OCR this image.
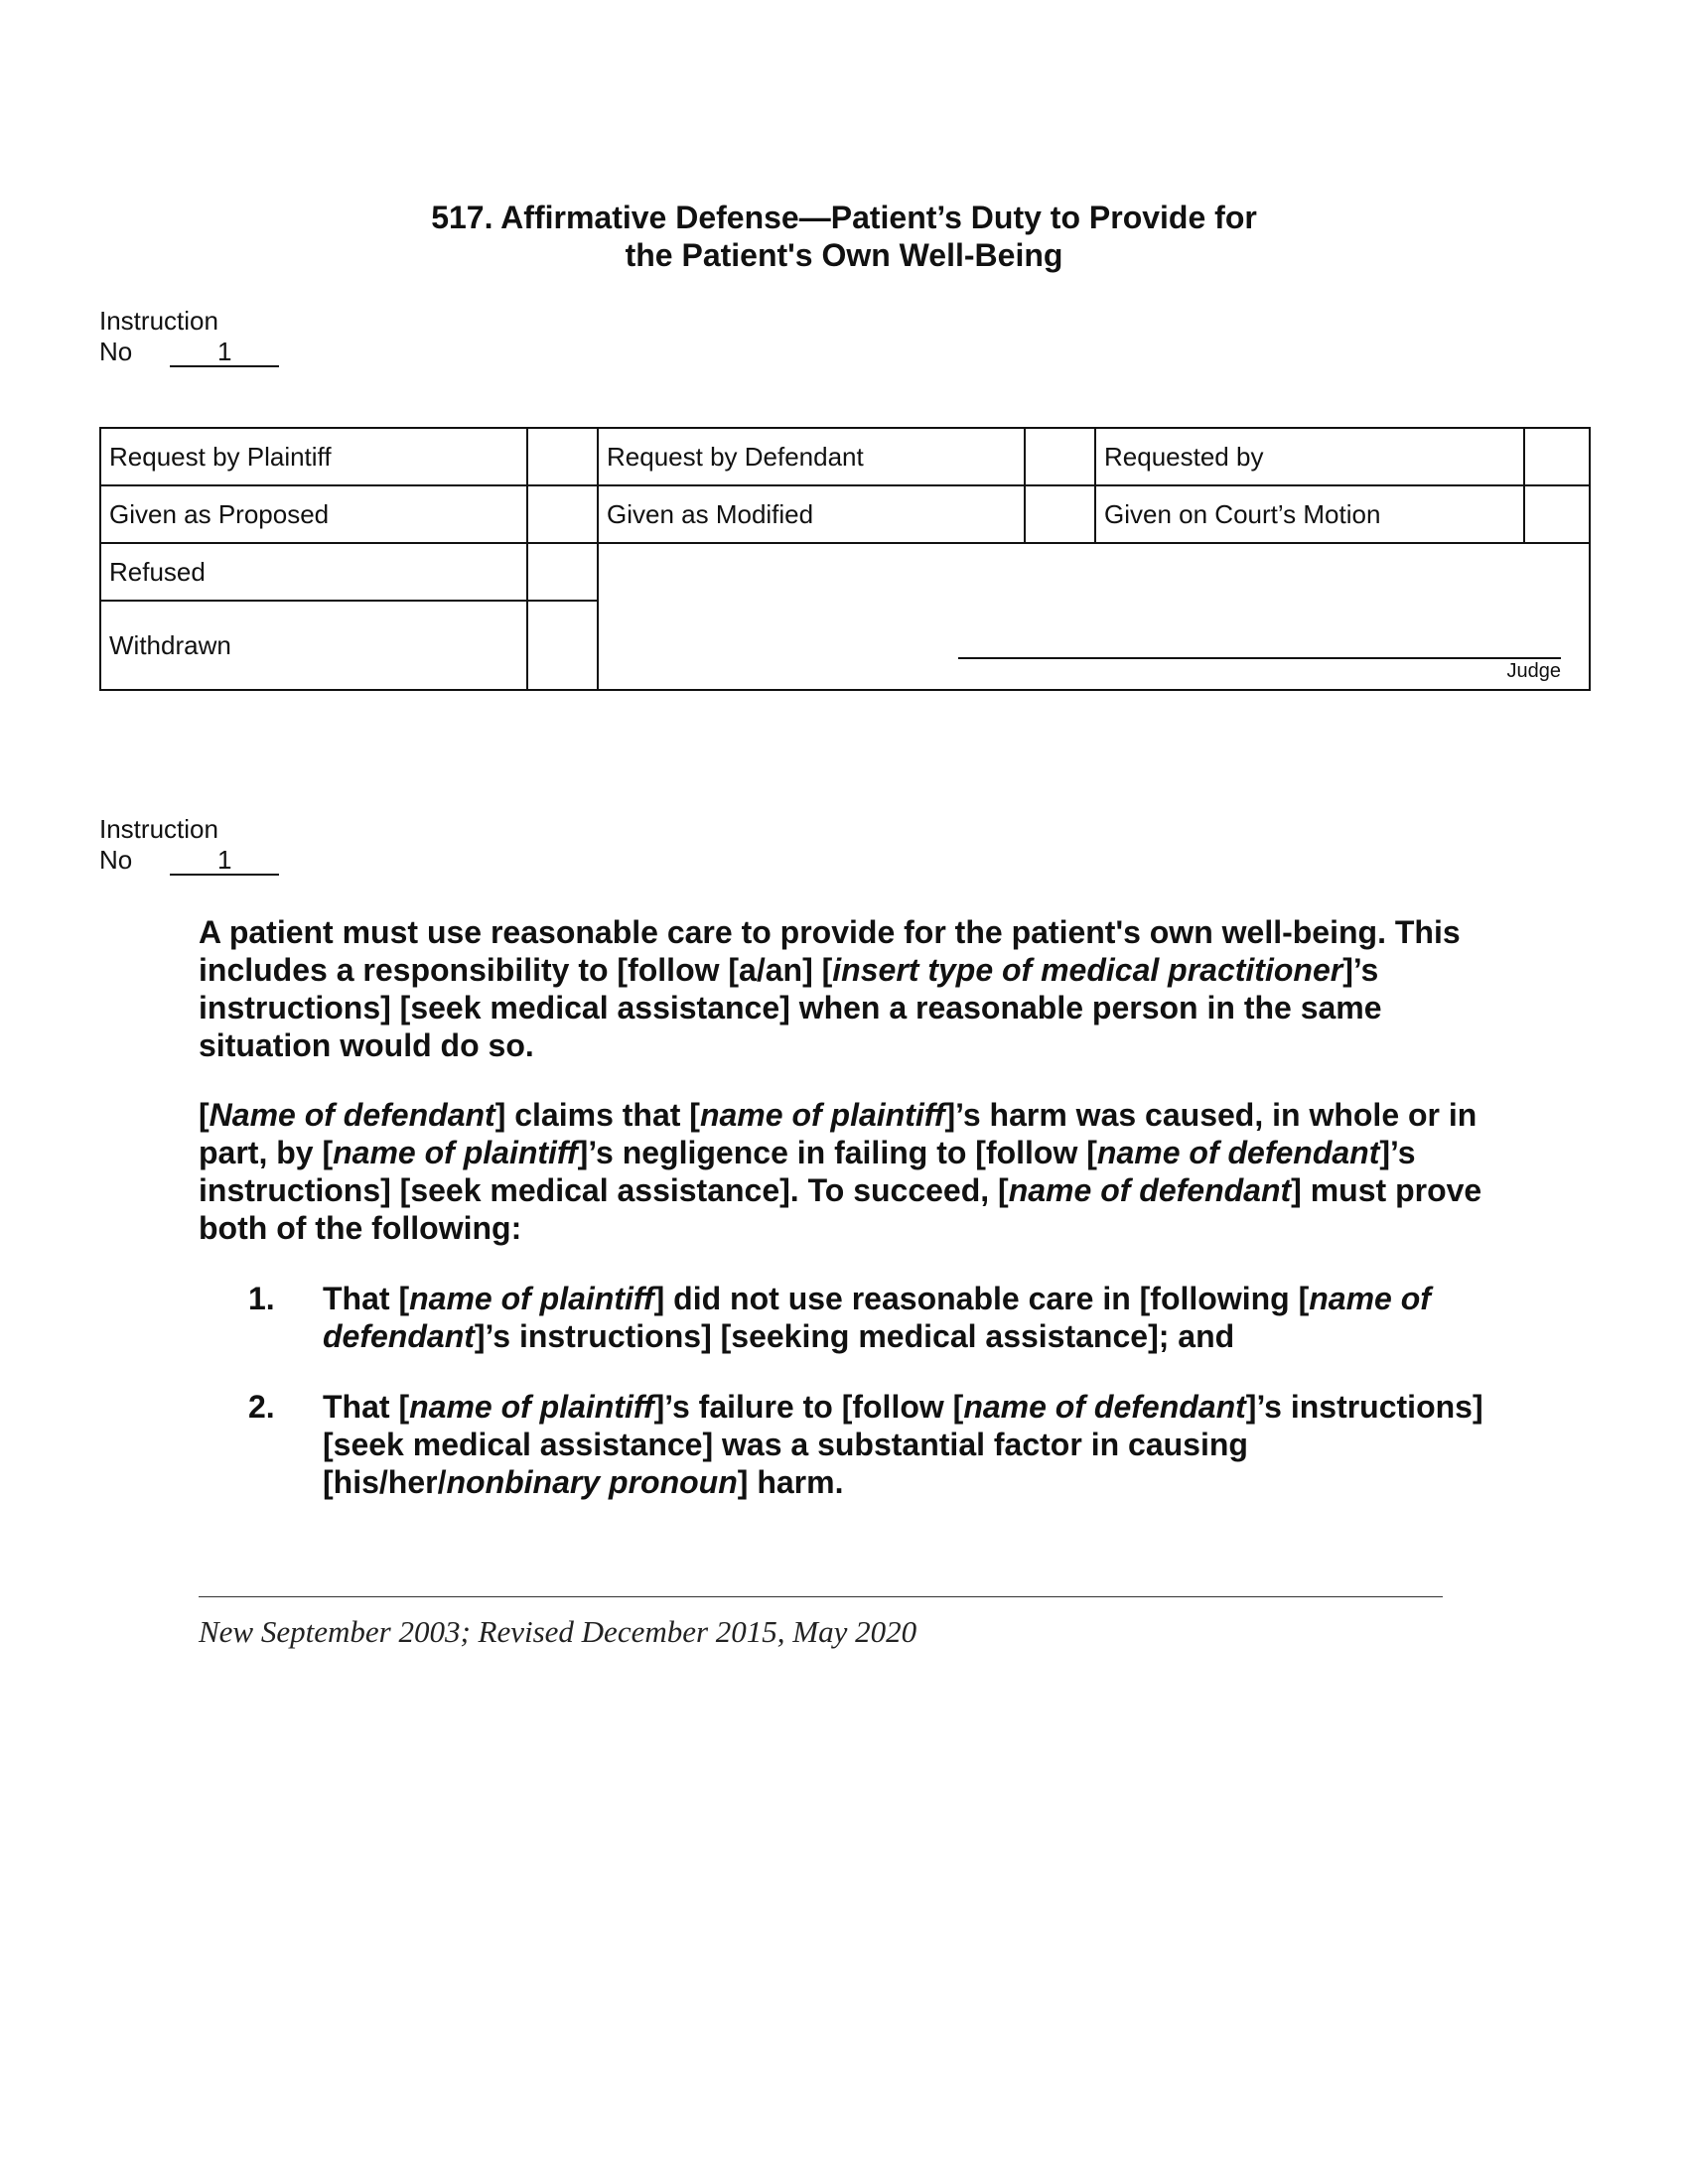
517. Affirmative Defense—Patient’s Duty to Provide for
the Patient's Own Well-Being
Instruction
No	1
Request by Plaintiff		Request by Defendant		Requested by	
Given as Proposed		Given as Modified		Given on Court’s Motion	
Refused		Judge			

Withdrawn					
Instruction
No	1

A patient must use reasonable care to provide for the patient's own well-being. This includes a responsibility to [follow [a/an] [insert type of medical practitioner]’s instructions] [seek medical assistance] when a reasonable person in the same situation would do so.

[Name of defendant] claims that [name of plaintiff]’s harm was caused, in whole or in part, by [name of plaintiff]’s negligence in failing to [follow [name of defendant]’s instructions] [seek medical assistance]. To succeed, [name of defendant] must prove both of the following:

1. That [name of plaintiff] did not use reasonable care in [following [name of defendant]’s instructions] [seeking medical assistance]; and
2. That [name of plaintiff]’s failure to [follow [name of defendant]’s instructions] [seek medical assistance] was a substantial factor in causing [his/her/nonbinary pronoun] harm.
New September 2003; Revised December 2015, May 2020
